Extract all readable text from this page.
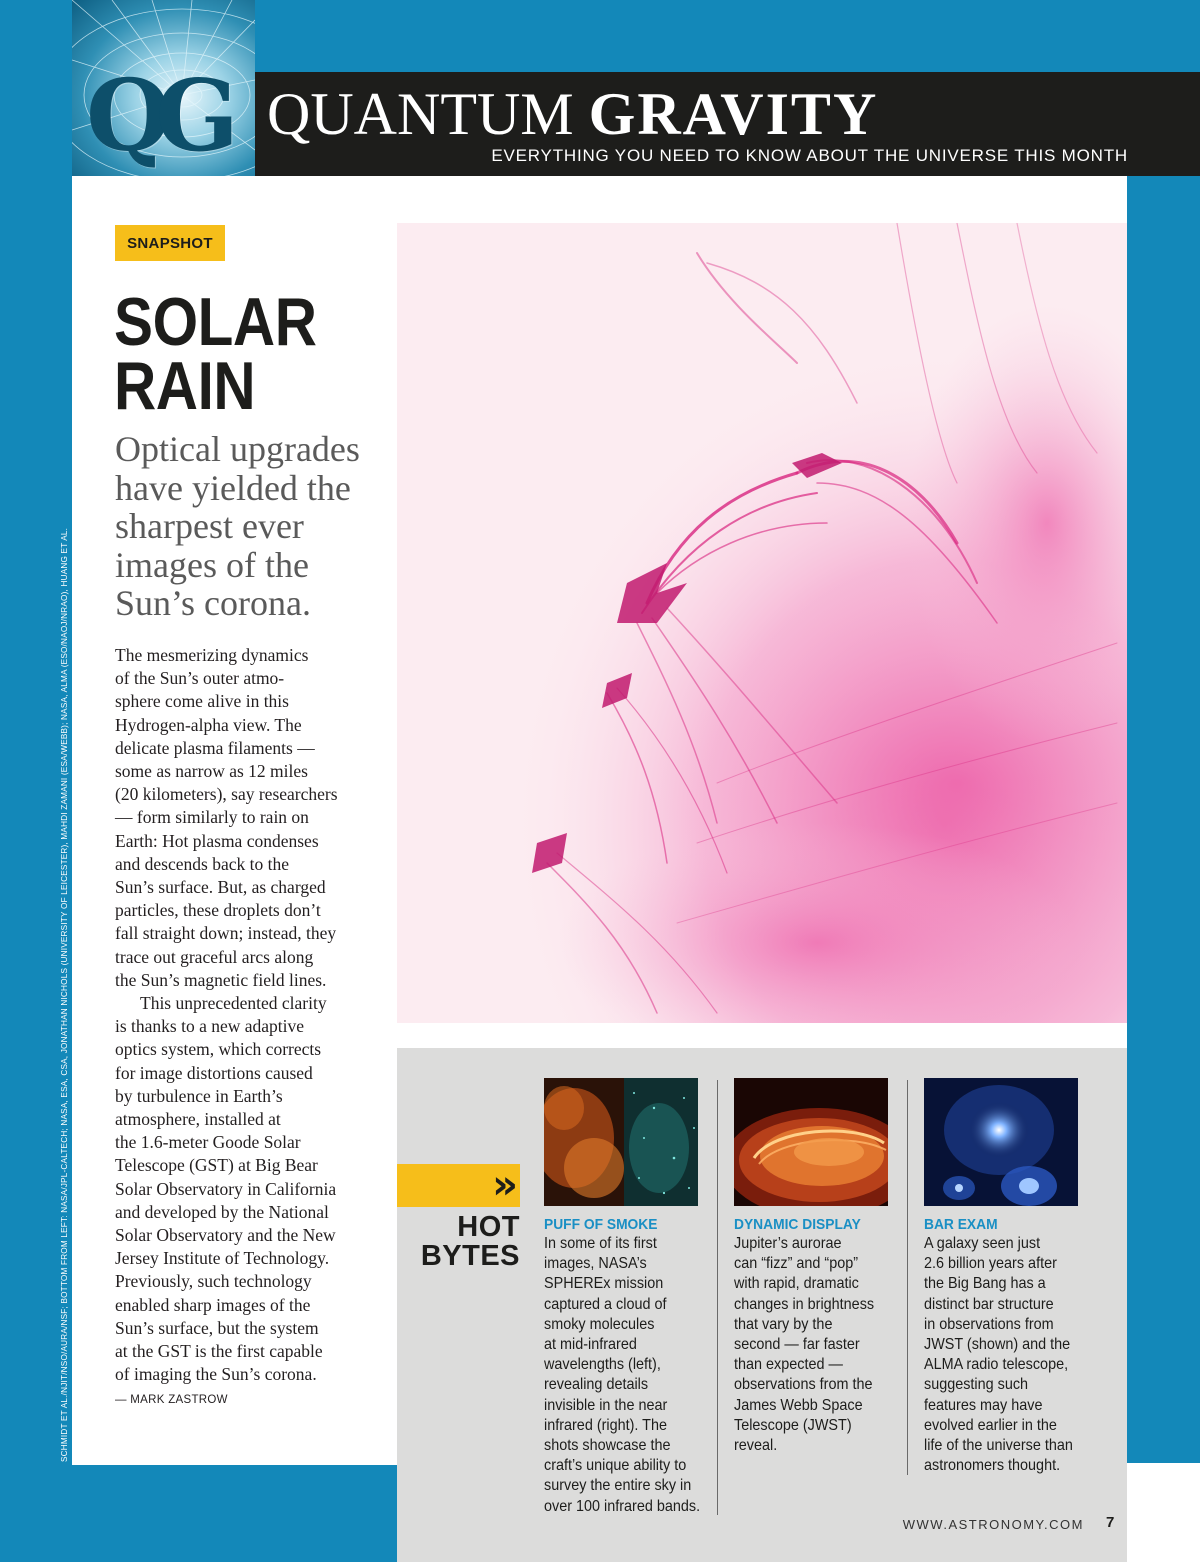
QG QUANTUM GRAVITY
EVERYTHING YOU NEED TO KNOW ABOUT THE UNIVERSE THIS MONTH
SCHMIDT ET AL./NJIT/NSO/AURA/NSF; BOTTOM FROM LEFT: NASA/JPL-CALTECH; NASA, ESA, CSA, JONATHAN NICHOLS (UNIVERSITY OF LEICESTER), MAHDI ZAMANI (ESA/WEBB); NASA, ALMA (ESO/NAOJ/NRAO), HUANG ET AL.
SNAPSHOT
SOLAR
RAIN

Optical upgrades
have yielded the
sharpest ever
images of the
Sun’s corona.

The mesmerizing dynamics
of the Sun’s outer atmo-
sphere come alive in this
Hydrogen-alpha view. The
delicate plasma filaments —
some as narrow as 12 miles
(20 kilometers), say researchers
— form similarly to rain on
Earth: Hot plasma condenses
and descends back to the
Sun’s surface. But, as charged
particles, these droplets don’t
fall straight down; instead, they
trace out graceful arcs along
the Sun’s magnetic field lines.
This unprecedented clarity
is thanks to a new adaptive
optics system, which corrects
for image distortions caused
by turbulence in Earth’s
atmosphere, installed at
the 1.6-meter Goode Solar
Telescope (GST) at Big Bear
Solar Observatory in California
and developed by the National
Solar Observatory and the New
Jersey Institute of Technology.
Previously, such technology
enabled sharp images of the
Sun’s surface, but the system
at the GST is the first capable
of imaging the Sun’s corona.
— MARK ZASTROW
»
HOT
BYTES
PUFF OF SMOKE
In some of its first
images, NASA’s
SPHEREx mission
captured a cloud of
smoky molecules
at mid-infrared
wavelengths (left),
revealing details
invisible in the near
infrared (right). The
shots showcase the
craft’s unique ability to
survey the entire sky in
over 100 infrared bands.
DYNAMIC DISPLAY
Jupiter’s aurorae
can “fizz” and “pop”
with rapid, dramatic
changes in brightness
that vary by the
second — far faster
than expected —
observations from the
James Webb Space
Telescope (JWST)
reveal.
BAR EXAM
A galaxy seen just
2.6 billion years after
the Big Bang has a
distinct bar structure
in observations from
JWST (shown) and the
ALMA radio telescope,
suggesting such
features may have
evolved earlier in the
life of the universe than
astronomers thought.
WWW.ASTRONOMY.COM 7
